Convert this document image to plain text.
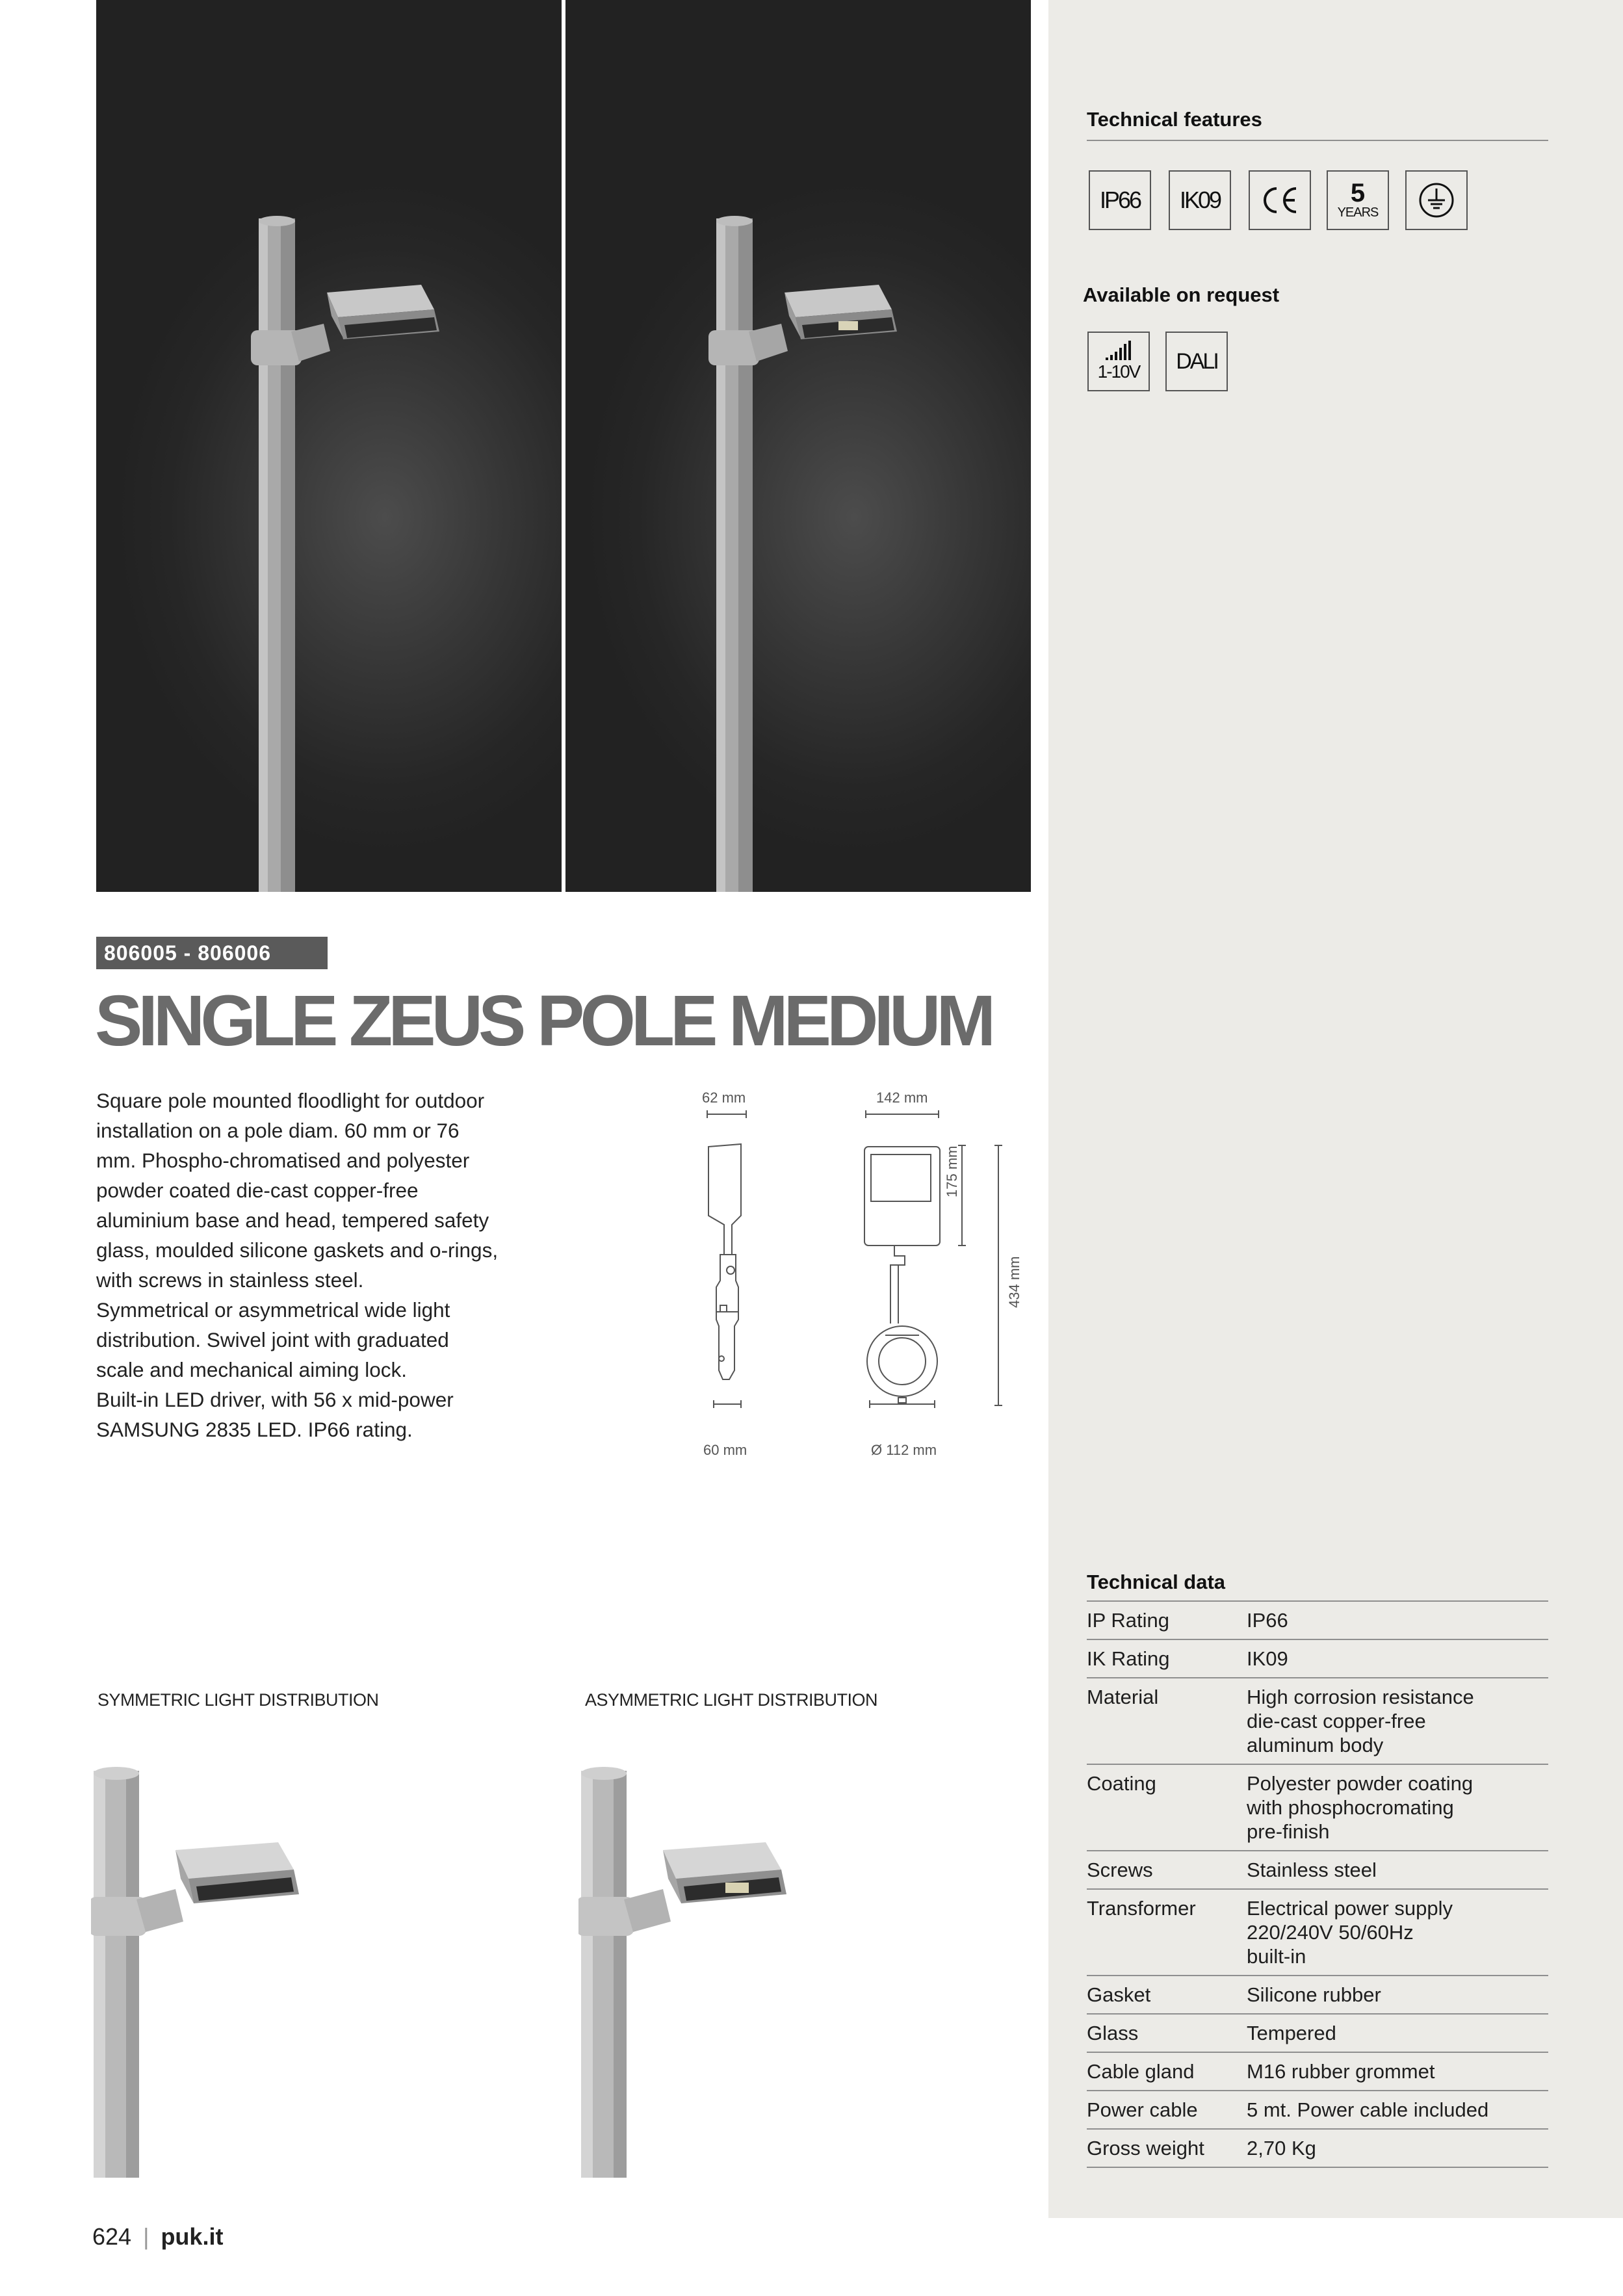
806005 - 806006
SINGLE ZEUS POLE MEDIUM

Square pole mounted floodlight for outdoor

installation on a pole diam. 60 mm or 76

mm. Phospho-chromatised and polyester

powder coated die-cast copper-free

aluminium base and head, tempered safety

glass, moulded silicone gaskets and o-rings,

with screws in stainless steel.

Symmetrical or asymmetrical wide light

distribution. Swivel joint with graduated

scale and mechanical aiming lock.

Built-in LED driver, with 56 x mid-power

SAMSUNG 2835 LED. IP66 rating.

62 mm	142 mm
175 mm
434 mm
60 mm	Ø 112 mm
SYMMETRIC LIGHT DISTRIBUTION	ASYMMETRIC LIGHT DISTRIBUTION
624 | puk.it
Technical features
IP66 IK09	5
YEARS
Available on request
1-10V DALI
Technical data
IP Rating	IP66
IK Rating	IK09
Material	High corrosion resistance
die-cast copper-free
aluminum body
Coating	Polyester powder coating
with phosphocromating
pre-finish
Screws	Stainless steel
Transformer	Electrical power supply
220/240V 50/60Hz
built-in
Gasket	Silicone rubber
Glass	Tempered
Cable gland	M16 rubber grommet
Power cable	5 mt. Power cable included
Gross weight	2,70 Kg
